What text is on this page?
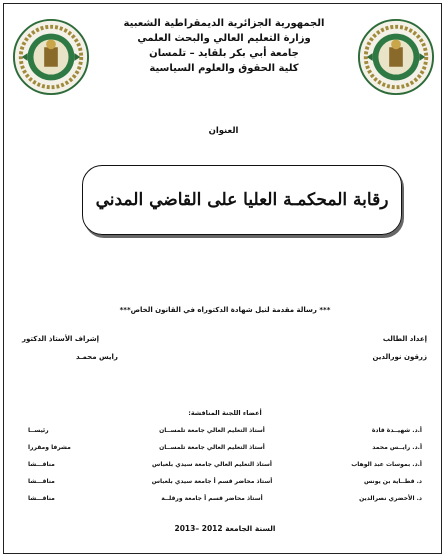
الجمهورية الجزائرية الديمقراطية الشعبية
وزارة التعليم العالي والبحث العلمي
جامعة أبي بكر بلقايد – تلمسان
كلية الحقوق والعلوم السياسية
العنوان
رقابة المحكمـة العليا على القاضي المدني
*** رسالة مقدمة لنيل شهادة الدكتوراه في القانون الخاص***
إعداد الطالب
زرقون نورالدين
إشراف الأستاذ الدكتور
رايس محمـد
أعضاء اللجنة المناقشة:
أ.د. شهيــدة قادة	أستاذ التعليم العالي جامعة تلمســان	رئيســا
أ.د. رايــس محمد	أستاذ التعليم العالي جامعة تلمســان	مشرفا ومقررا
أ.د. بموسات عبد الوهاب	أستاذ التعليم العالي جامعة سيدي بلعباس	مناقـــشا
د. قطــاية بن يونس	أستاذ محاضر قسم أ جامعة سيدي بلعباس	مناقـــشا
د. الأخضري نصرالدين	أستاذ محاضر قسم أ جامعة ورقلــة	مناقـــشا
السنة الجامعة 2012 –2013
